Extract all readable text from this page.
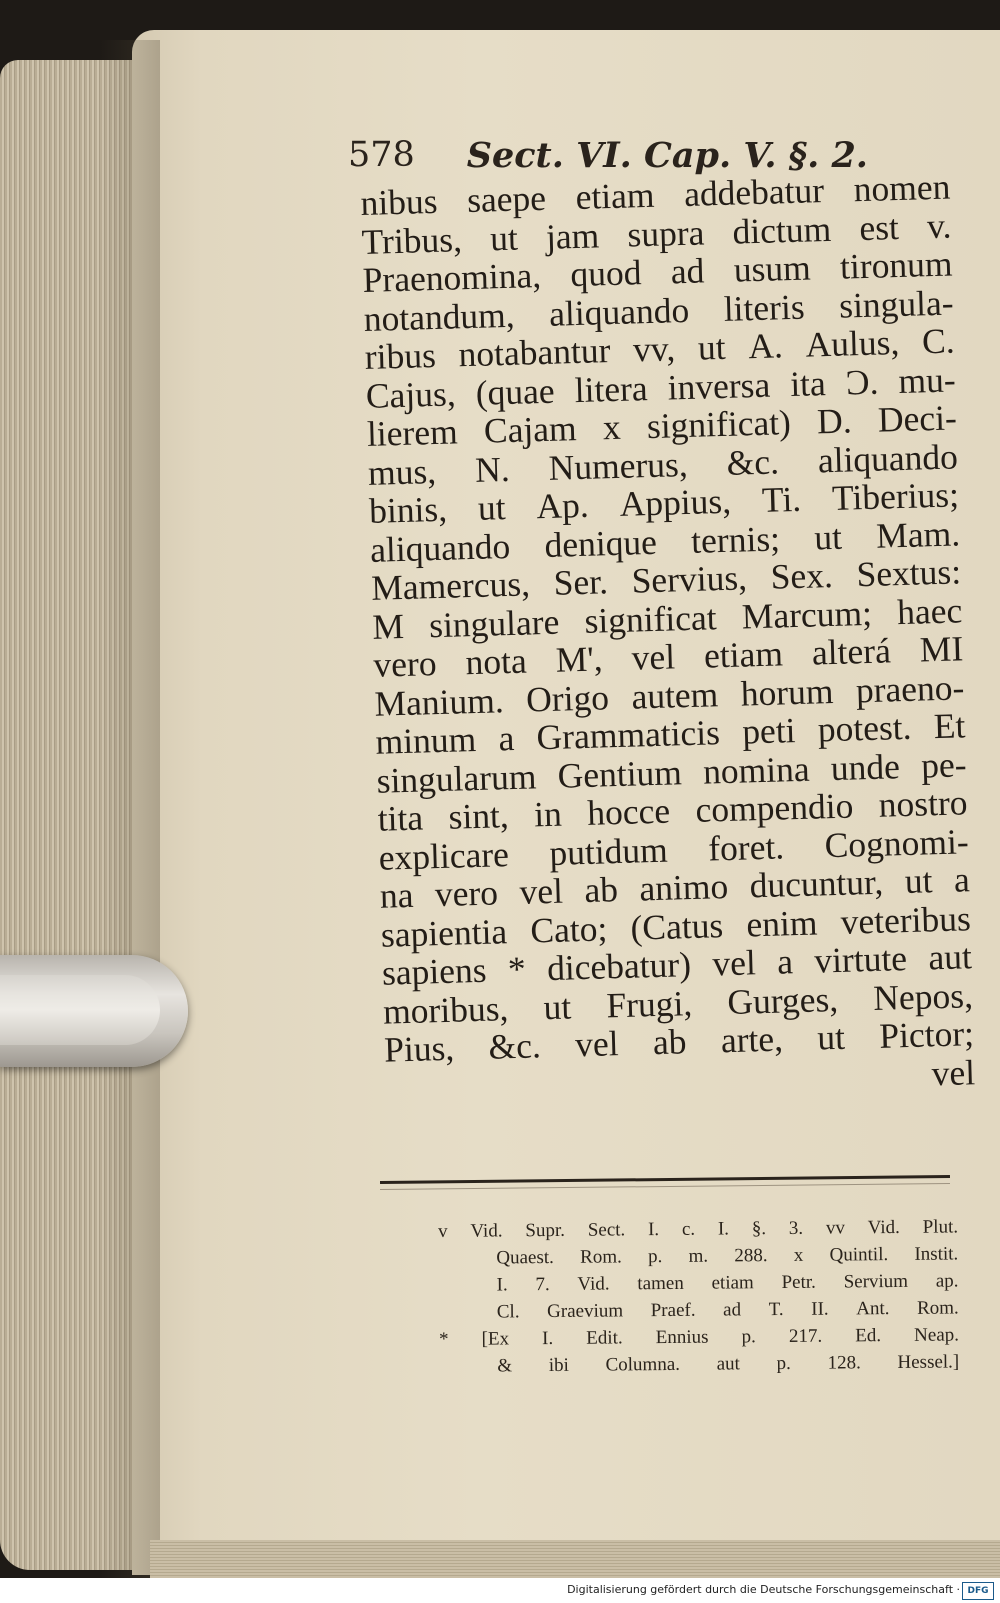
578 Sect. VI. Cap. V. §. 2.
nibus saepe etiam addebatur nomen
Tribus, ut jam supra dictum est v.
Praenomina, quod ad usum tironum
notandum, aliquando literis singula-
ribus notabantur vv, ut A. Aulus, C.
Cajus, (quae litera inversa ita Ɔ. mu-
lierem Cajam x significat) D. Deci-
mus, N. Numerus, &c. aliquando
binis, ut Ap. Appius, Ti. Tiberius;
aliquando denique ternis; ut Mam.
Mamercus, Ser. Servius, Sex. Sextus:
M singulare significat Marcum; haec
vero nota M', vel etiam alterá MI
Manium. Origo autem horum praeno-
minum a Grammaticis peti potest. Et
singularum Gentium nomina unde pe-
tita sint, in hocce compendio nostro
explicare putidum foret. Cognomi-
na vero vel ab animo ducuntur, ut a
sapientia Cato; (Catus enim veteribus
sapiens * dicebatur) vel a virtute aut
moribus, ut Frugi, Gurges, Nepos,
Pius, &c. vel ab arte, ut Pictor;
vel
v Vid. Supr. Sect. I. c. I. §. 3. vv Vid. Plut.
Quaest. Rom. p. m. 288. x Quintil. Instit.
I. 7. Vid. tamen etiam Petr. Servium ap.
Cl. Graevium Praef. ad T. II. Ant. Rom.
* [Ex I. Edit. Ennius p. 217. Ed. Neap.
& ibi Columna. aut p. 128. Hessel.]
Digitalisierung gefördert durch die Deutsche Forschungsgemeinschaft · DFG
